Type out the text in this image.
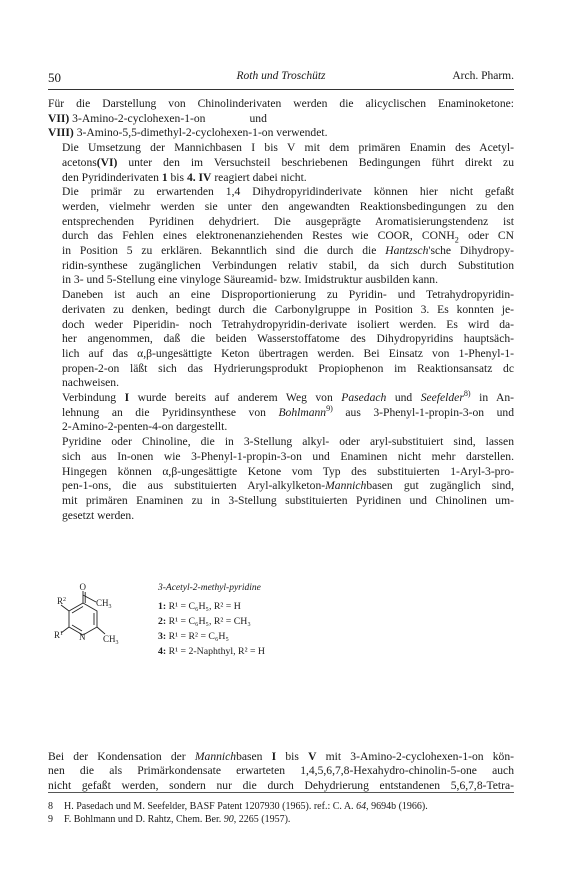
50	Roth und Troschütz	Arch. Pharm.

Für die Darstellung von Chinolinderivaten werden die alicyclischen Enaminoketone:

VII) 3-Amino-2-cyclohexen-1-on	und
VIII) 3-Amino-5,5-dimethyl-2-cyclohexen-1-on verwendet.

Die Umsetzung der Mannichbasen I bis V mit dem primären Enamin des Acetyl-
acetons(VI) unter den im Versuchsteil beschriebenen Bedingungen führt direkt zu
den Pyridinderivaten 1 bis 4. IV reagiert dabei nicht.

Die primär zu erwartenden 1,4 Dihydropyridinderivate können hier nicht gefaßt
werden, vielmehr werden sie unter den angewandten Reaktionsbedingungen zu den
entsprechenden Pyridinen dehydriert. Die ausgeprägte Aromatisierungstendenz ist
durch das Fehlen eines elektronenanziehenden Restes wie COOR, $CONH_2$ oder CN
in Position 5 zu erklären. Bekanntlich sind die durch die Hantzsch'sche Dihydropy-
ridin-synthese zugänglichen Verbindungen relativ stabil, da sich durch Substitution
in 3- und 5-Stellung eine vinyloge Säureamid- bzw. Imidstruktur ausbilden kann.

Daneben ist auch an eine Disproportionierung zu Pyridin- und Tetrahydropyridin-
derivaten zu denken, bedingt durch die Carbonylgruppe in Position 3. Es konnten je-
doch weder Piperidin- noch Tetrahydropyridin-derivate isoliert werden. Es wird da-
her angenommen, daß die beiden Wasserstoffatome des Dihydropyridins hauptsäch-
lich auf das α,β-ungesättigte Keton übertragen werden. Bei Einsatz von 1-Phenyl-1-
propen-2-on läßt sich das Hydrierungsprodukt Propiophenon im Reaktionsansatz dc
nachweisen.

Verbindung I wurde bereits auf anderem Weg von Pasedach und Seefelder$^{8)}$ in An-
lehnung an die Pyridinsynthese von Bohlmann$^{9)}$ aus 3-Phenyl-1-propin-3-on und
2-Amino-2-penten-4-on dargestellt.

Pyridine oder Chinoline, die in 3-Stellung alkyl- oder aryl-substituiert sind, lassen
sich aus In-onen wie 3-Phenyl-1-propin-3-on und Enaminen nicht mehr darstellen.
Hingegen können α,β-ungesättigte Ketone vom Typ des substituierten 1-Aryl-3-pro-
pen-1-ons, die aus substituierten Aryl-alkylketon-Mannichbasen gut zugänglich sind,
mit primären Enaminen zu in 3-Stellung substituierten Pyridinen und Chinolinen um-
gesetzt werden.

O
$R^2$
$R^1$ N
$CH_3$
$CH_3$
3-Acetyl-2-methyl-pyridine
1: R¹ = C₆H₅, R² = H
2: R¹ = C₆H₅, R² = CH₃
3: R¹ = R² = C₆H₅
4: R¹ = 2-Naphthyl, R² = H

Bei der Kondensation der Mannichbasen I bis V mit 3-Amino-2-cyclohexen-1-on kön-
nen die als Primärkondensate erwarteten 1,4,5,6,7,8-Hexahydro-chinolin-5-one auch
nicht gefaßt werden, sondern nur die durch Dehydrierung entstandenen 5,6,7,8-Tetra-

8 H. Pasedach und M. Seefelder, BASF Patent 1207930 (1965). ref.: C. A. 64, 9694b (1966).
9 F. Bohlmann und D. Rahtz, Chem. Ber. 90, 2265 (1957).
